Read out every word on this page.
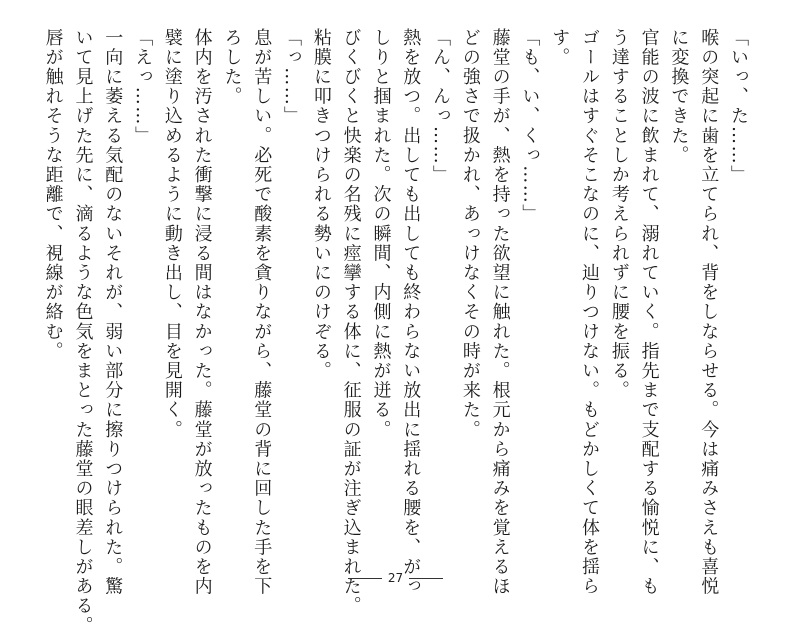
「いっ、た……」
喉の突起に歯を立てられ、背をしならせる。今は痛みさえも喜悦
に変換できた。
官能の波に飲まれて、溺れていく。指先まで支配する愉悦に、も
う達することしか考えられずに腰を振る。
ゴールはすぐそこなのに、辿りつけない。もどかしくて体を揺ら
す。
「も、い、くっ……」
藤堂の手が、熱を持った欲望に触れた。根元から痛みを覚えるほ
どの強さで扱かれ、あっけなくその時が来た。
「ん、んっ……」
熱を放つ。出しても出しても終わらない放出に揺れる腰を、がっ
しりと掴まれた。次の瞬間、内側に熱が迸る。
びくびくと快楽の名残に痙攣する体に、征服の証が注ぎ込まれた。
粘膜に叩きつけられる勢いにのけぞる。
「っ……」
息が苦しい。必死で酸素を貪りながら、藤堂の背に回した手を下
ろした。
体内を汚された衝撃に浸る間はなかった。藤堂が放ったものを内
襞に塗り込めるように動き出し、目を見開く。
「えっ……」
一向に萎える気配のないそれが、弱い部分に擦りつけられた。驚
いて見上げた先に、滴るような色気をまとった藤堂の眼差しがある。
唇が触れそうな距離で、視線が絡む。
27
